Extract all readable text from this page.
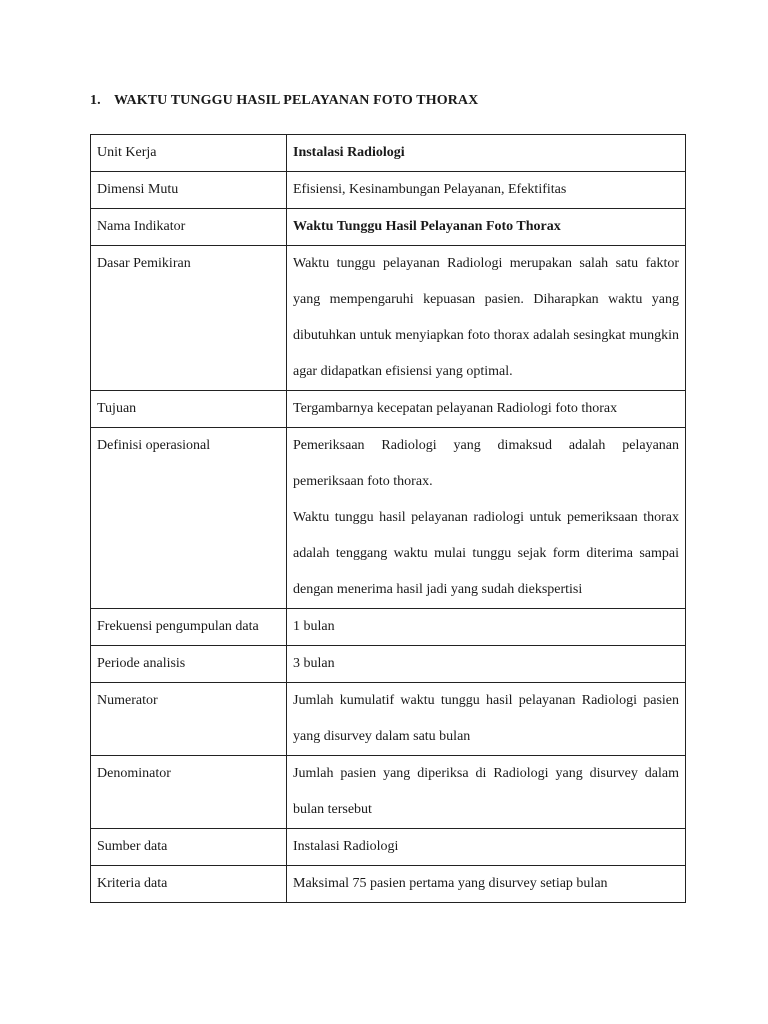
1. WAKTU TUNGGU HASIL PELAYANAN FOTO THORAX
Unit Kerja	Instalasi Radiologi

Dimensi Mutu	Efisiensi, Kesinambungan Pelayanan, Efektifitas

Nama Indikator	Waktu Tunggu Hasil Pelayanan Foto Thorax

Dasar Pemikiran	Waktu tunggu pelayanan Radiologi merupakan salah satu faktor yang mempengaruhi kepuasan pasien. Diharapkan waktu yang dibutuhkan untuk menyiapkan foto thorax adalah sesingkat mungkin agar didapatkan efisiensi yang optimal.

Tujuan	Tergambarnya kecepatan pelayanan Radiologi foto thorax

Definisi operasional	Pemeriksaan Radiologi yang dimaksud adalah pelayanan pemeriksaan foto thorax.
Waktu tunggu hasil pelayanan radiologi untuk pemeriksaan thorax adalah tenggang waktu mulai tunggu sejak form diterima sampai dengan menerima hasil jadi yang sudah diekspertisi

Frekuensi pengumpulan data	1 bulan

Periode analisis	3 bulan

Numerator	Jumlah kumulatif waktu tunggu hasil pelayanan Radiologi pasien yang disurvey dalam satu bulan

Denominator	Jumlah pasien yang diperiksa di Radiologi yang disurvey dalam bulan tersebut

Sumber data	Instalasi Radiologi

Kriteria data	Maksimal 75 pasien pertama yang disurvey setiap bulan
